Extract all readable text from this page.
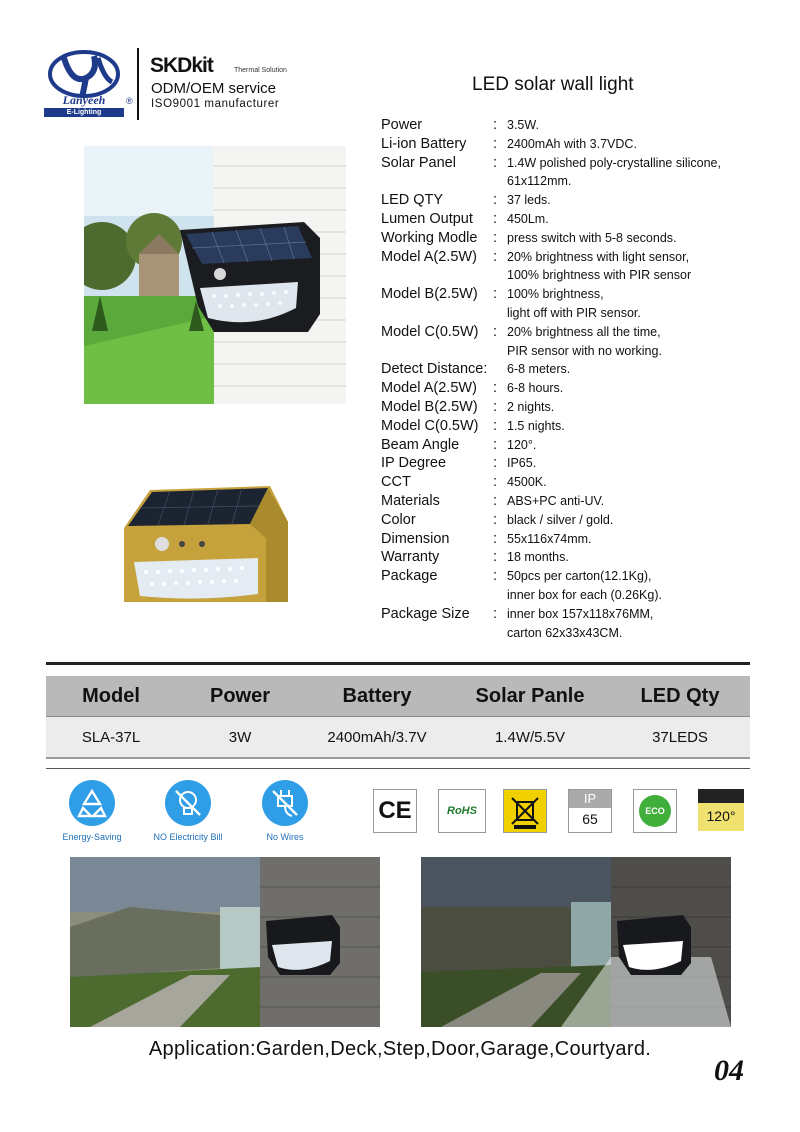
Lanyeeh
E-Lighting
®
SKDkit	Thermal Solution
ODM/OEM service
ISO9001 manufacturer
LED solar wall light
Power	: 3.5W.
Li-ion Battery	: 2400mAh with 3.7VDC.
Solar Panel	: 1.4W polished poly-crystalline silicone,
61x112mm.
LED QTY	: 37 leds.
Lumen Output	: 450Lm.
Working Modle	: press switch with 5-8 seconds.
Model A(2.5W)	: 20% brightness with light sensor,
100% brightness with PIR sensor
Model B(2.5W)	: 100% brightness,
light off with PIR sensor.
Model C(0.5W)	: 20% brightness all the time,
PIR sensor with no working.
Detect Distance:	6-8 meters.
Model A(2.5W)	: 6-8 hours.
Model B(2.5W)	: 2 nights.
Model C(0.5W)	: 1.5 nights.
Beam Angle	: 120°.
IP Degree	: IP65.
CCT	: 4500K.
Materials	: ABS+PC anti-UV.
Color	: black / silver / gold.
Dimension	: 55x116x74mm.
Warranty	: 18 months.
Package	: 50pcs per carton(12.1Kg),
inner box for each (0.26Kg).
Package Size	: inner box 157x118x76MM,
carton 62x33x43CM.
Model	Power	Battery	Solar Panle	LED Qty
SLA-37L	3W	2400mAh/3.7V	1.4W/5.5V	37LEDS
Energy-Saving	NO Electricity Bill	No Wires
CE	RoHS
IP
65	ECO	120°
Application:Garden,Deck,Step,Door,Garage,Courtyard.
04
